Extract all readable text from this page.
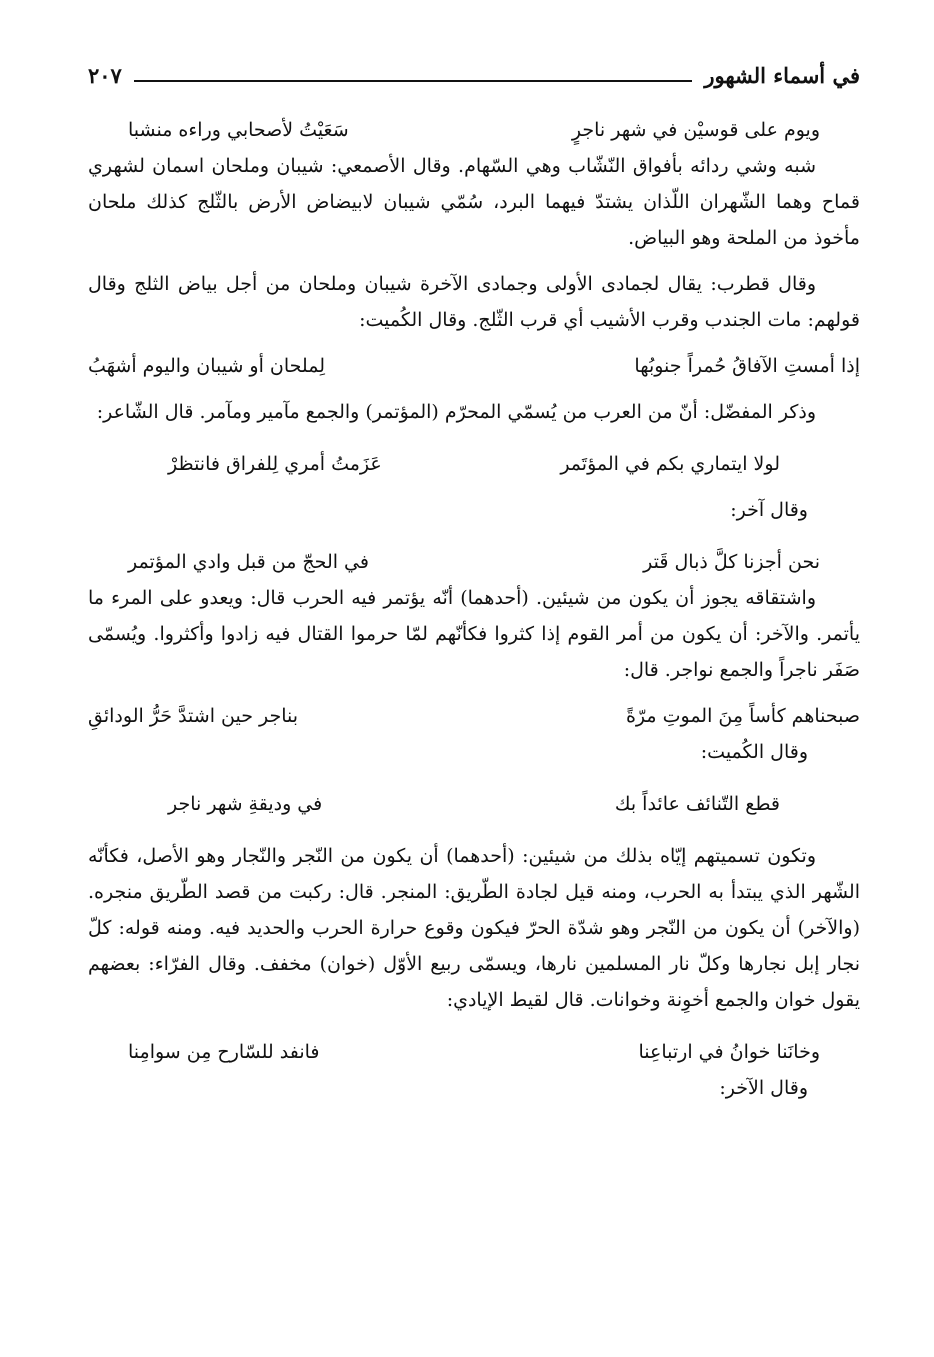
في أسماء الشهور
٢٠٧
ويوم على قوسيْن في شهر ناجرٍ
سَعَيْتُ لأصحابي وراءه منشبا

شبه وشي ردائه بأفواق النّشّاب وهي السّهام. وقال الأصمعي: شيبان وملحان اسمان لشهري قماح وهما الشّهران اللّذان يشتدّ فيهما البرد، سُمّي شيبان لابيضاض الأرض بالثّلج كذلك ملحان مأخوذ من الملحة وهو البياض.

وقال قطرب: يقال لجمادى الأولى وجمادى الآخرة شيبان وملحان من أجل بياض الثلج وقال قولهم: مات الجندب وقرب الأشيب أي قرب الثّلج. وقال الكُميت:

إذا أمستِ الآفاقُ حُمراً جنوبُها
لِملحان أو شيبان واليوم أشهَبُ

وذكر المفضّل: أنّ من العرب من يُسمّي المحرّم (المؤتمر) والجمع مآمير ومآمر. قال الشّاعر:

لولا ايتماري بكم في المؤتَمر
عَزَمتُ أمري لِلفراق فانتظرْ

وقال آخر:

نحن أجزنا كلَّ ذبال قَتر
في الحجّ من قبل وادي المؤتمر

واشتقاقه يجوز أن يكون من شيئين. (أحدهما) أنّه يؤتمر فيه الحرب قال: ويعدو على المرء ما يأتمر. والآخر: أن يكون من أمر القوم إذا كثروا فكأنّهم لمّا حرموا القتال فيه زادوا وأكثروا. ويُسمّى صَفَر ناجراً والجمع نواجر. قال:

صبحناهم كأساً مِنَ الموتِ مرّةً
بناجر حين اشتدَّ حَرُّ الودائقِ

وقال الكُميت:

قطع التّنائف عائداً بك
في وديقةِ شهر ناجر

وتكون تسميتهم إيّاه بذلك من شيئين: (أحدهما) أن يكون من النّجر والنّجار وهو الأصل، فكأنّه الشّهر الذي يبتدأ به الحرب، ومنه قيل لجادة الطّريق: المنجر. قال: ركبت من قصد الطّريق منجره. (والآخر) أن يكون من النّجر وهو شدّة الحرّ فيكون وقوع حرارة الحرب والحديد فيه. ومنه قوله: كلّ نجار إبل نجارها وكلّ نار المسلمين نارها، ويسمّى ربيع الأوّل (خوان) مخفف. وقال الفرّاء: بعضهم يقول خوان والجمع أخوِنة وخوانات. قال لقيط الإيادي:

وخانَنا خوانُ في ارتباعِنا
فانفد للسّارح مِن سوامِنا

وقال الآخر:
